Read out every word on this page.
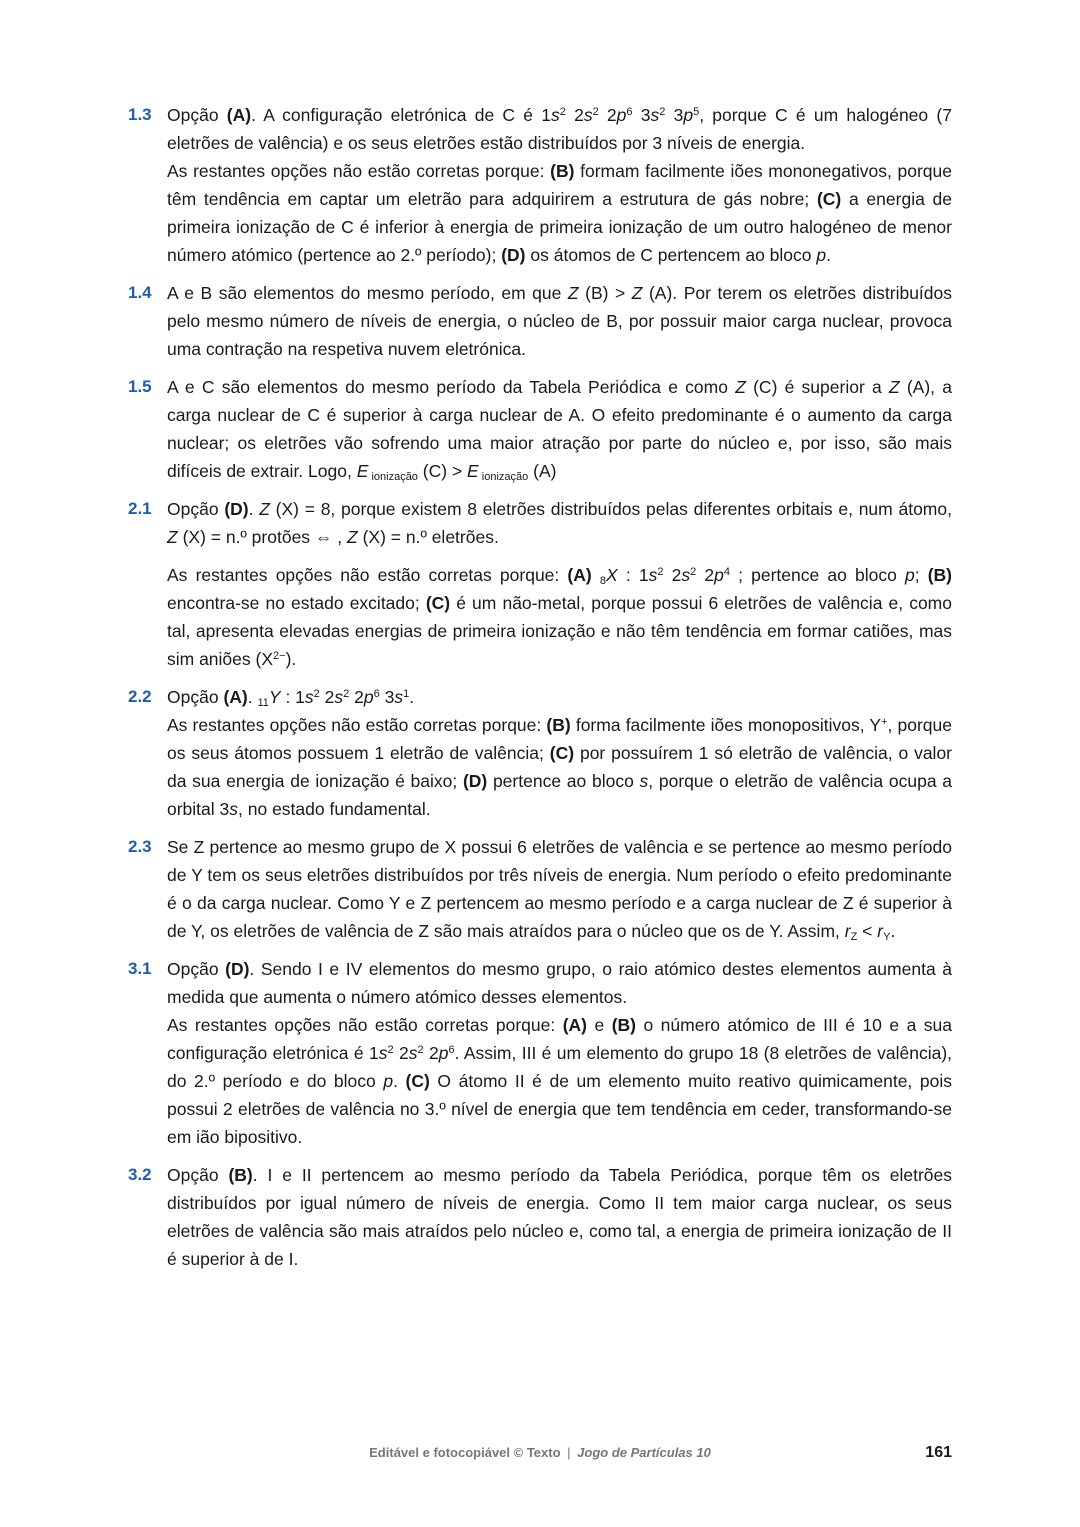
1.3 Opção (A). A configuração eletrónica de C é $1s^2$ $2s^2$ $2p^6$ $3s^2$ $3p^5$, porque C é um halogéneo (7 eletrões de valência) e os seus eletrões estão distribuídos por 3 níveis de energia.

As restantes opções não estão corretas porque: (B) formam facilmente iões mononegativos, porque têm tendência em captar um eletrão para adquirirem a estrutura de gás nobre; (C) a energia de primeira ionização de C é inferior à energia de primeira ionização de um outro halogéneo de menor número atómico (pertence ao 2.º período); (D) os átomos de C pertencem ao bloco p.

1.4 A e B são elementos do mesmo período, em que Z (B) > Z (A). Por terem os eletrões distribuídos pelo mesmo número de níveis de energia, o núcleo de B, por possuir maior carga nuclear, provoca uma contração na respetiva nuvem eletrónica.

1.5 A e C são elementos do mesmo período da Tabela Periódica e como Z (C) é superior a Z (A), a carga nuclear de C é superior à carga nuclear de A. O efeito predominante é o aumento da carga nuclear; os eletrões vão sofrendo uma maior atração por parte do núcleo e, por isso, são mais difíceis de extrair. Logo, E $_{ionização}$ (C) > E $_{ionização}$ (A)

2.1 Opção (D). Z (X) = 8, porque existem 8 eletrões distribuídos pelas diferentes orbitais e, num átomo, Z (X) = n.º protões ⇔ , Z (X) = n.º eletrões.

As restantes opções não estão corretas porque: (A) $_8$X : $1s^2$ $2s^2$ $2p^4$ ; pertence ao bloco p; (B) encontra-se no estado excitado; (C) é um não-metal, porque possui 6 eletrões de valência e, como tal, apresenta elevadas energias de primeira ionização e não têm tendência em formar catiões, mas sim aniões $(X^{2-})$.

2.2 Opção (A). $_{11}$Y : $1s^2$ $2s^2$ $2p^6$ $3s^1$.

As restantes opções não estão corretas porque: (B) forma facilmente iões monopositivos, Y+, porque os seus átomos possuem 1 eletrão de valência; (C) por possuírem 1 só eletrão de valência, o valor da sua energia de ionização é baixo; (D) pertence ao bloco s, porque o eletrão de valência ocupa a orbital 3s, no estado fundamental.

2.3 Se Z pertence ao mesmo grupo de X possui 6 eletrões de valência e se pertence ao mesmo período de Y tem os seus eletrões distribuídos por três níveis de energia. Num período o efeito predominante é o da carga nuclear. Como Y e Z pertencem ao mesmo período e a carga nuclear de Z é superior à de Y, os eletrões de valência de Z são mais atraídos para o núcleo que os de Y. Assim, $r_Z < r_Y$.

3.1 Opção (D). Sendo I e IV elementos do mesmo grupo, o raio atómico destes elementos aumenta à medida que aumenta o número atómico desses elementos.

As restantes opções não estão corretas porque: (A) e (B) o número atómico de III é 10 e a sua configuração eletrónica é $1s^2$ $2s^2$ $2p^6$. Assim, III é um elemento do grupo 18 (8 eletrões de valência), do 2.º período e do bloco p. (C) O átomo II é de um elemento muito reativo quimicamente, pois possui 2 eletrões de valência no 3.º nível de energia que tem tendência em ceder, transformando-se em ião bipositivo.

3.2 Opção (B). I e II pertencem ao mesmo período da Tabela Periódica, porque têm os eletrões distribuídos por igual número de níveis de energia. Como II tem maior carga nuclear, os seus eletrões de valência são mais atraídos pelo núcleo e, como tal, a energia de primeira ionização de II é superior à de I.

Editável e fotocopiável © Texto | Jogo de Partículas 10	161
